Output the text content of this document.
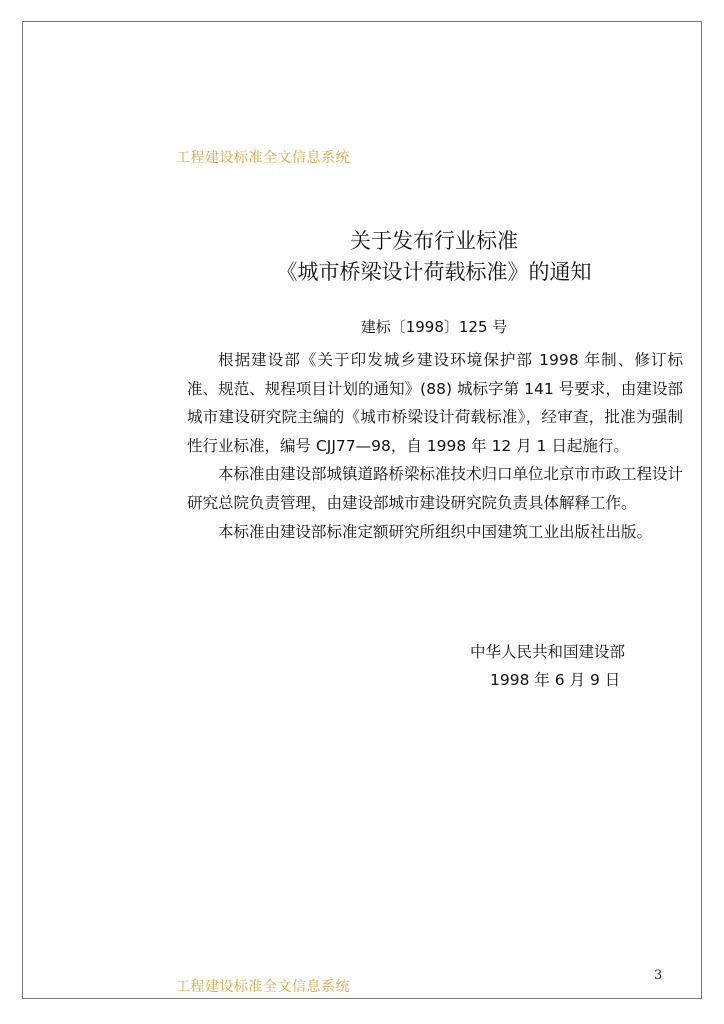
工程建设标准全文信息系统
关于发布行业标准
《城市桥梁设计荷载标准》的通知
建标〔1998〕125 号

根据建设部《关于印发城乡建设环境保护部 1998 年制、修订标准、规范、规程项目计划的通知》(88) 城标字第 141 号要求，由建设部城市建设研究院主编的《城市桥梁设计荷载标准》，经审查，批准为强制性行业标准，编号 CJJ77—98，自 1998 年 12 月 1 日起施行。

本标准由建设部城镇道路桥梁标准技术归口单位北京市市政工程设计研究总院负责管理，由建设部城市建设研究院负责具体解释工作。

本标准由建设部标准定额研究所组织中国建筑工业出版社出版。

中华人民共和国建设部
1998 年 6 月 9 日
工程建设标准全文信息系统
3
